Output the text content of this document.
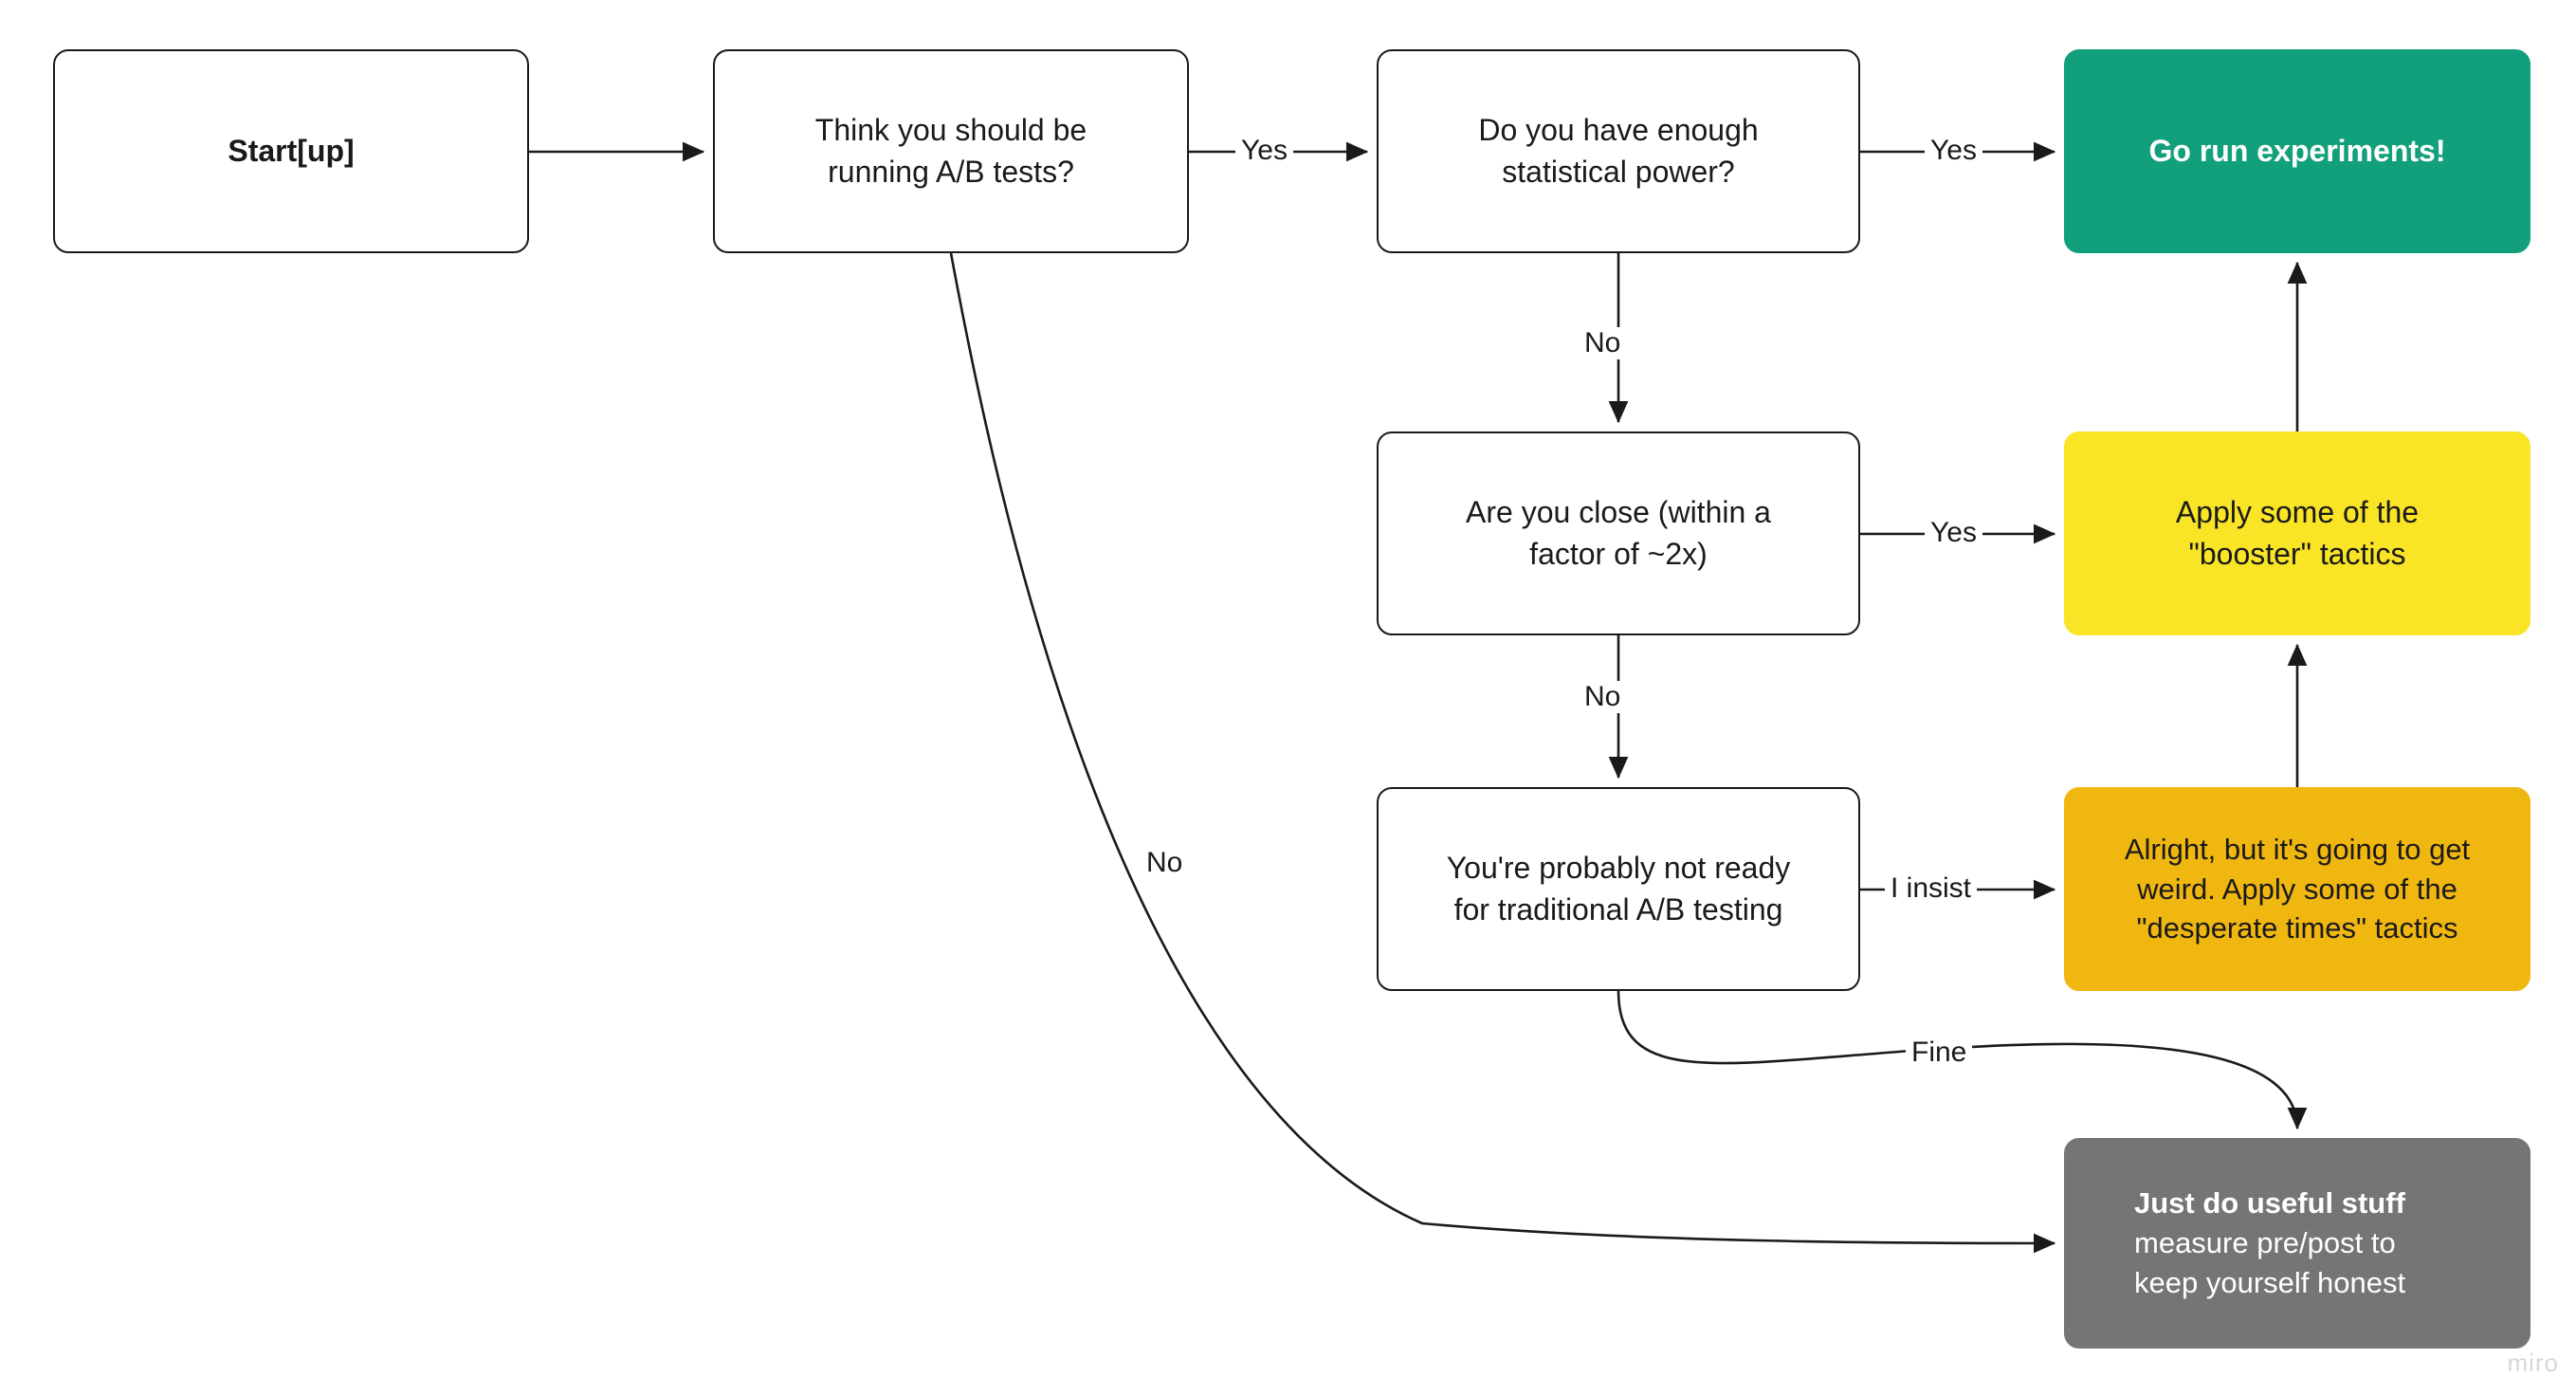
Start[up]
Think you should be
running A/B tests?
Do you have enough
statistical power?
Go run experiments!
Are you close (within a
factor of ~2x)
Apply some of the
"booster" tactics
You're probably not ready
for traditional A/B testing
Alright, but it's going to get
weird. Apply some of the
"desperate times" tactics
Just do useful stuff
measure pre/post to
keep yourself honest
Yes	Yes
No
Yes
No
I insist
No
Fine
miro
